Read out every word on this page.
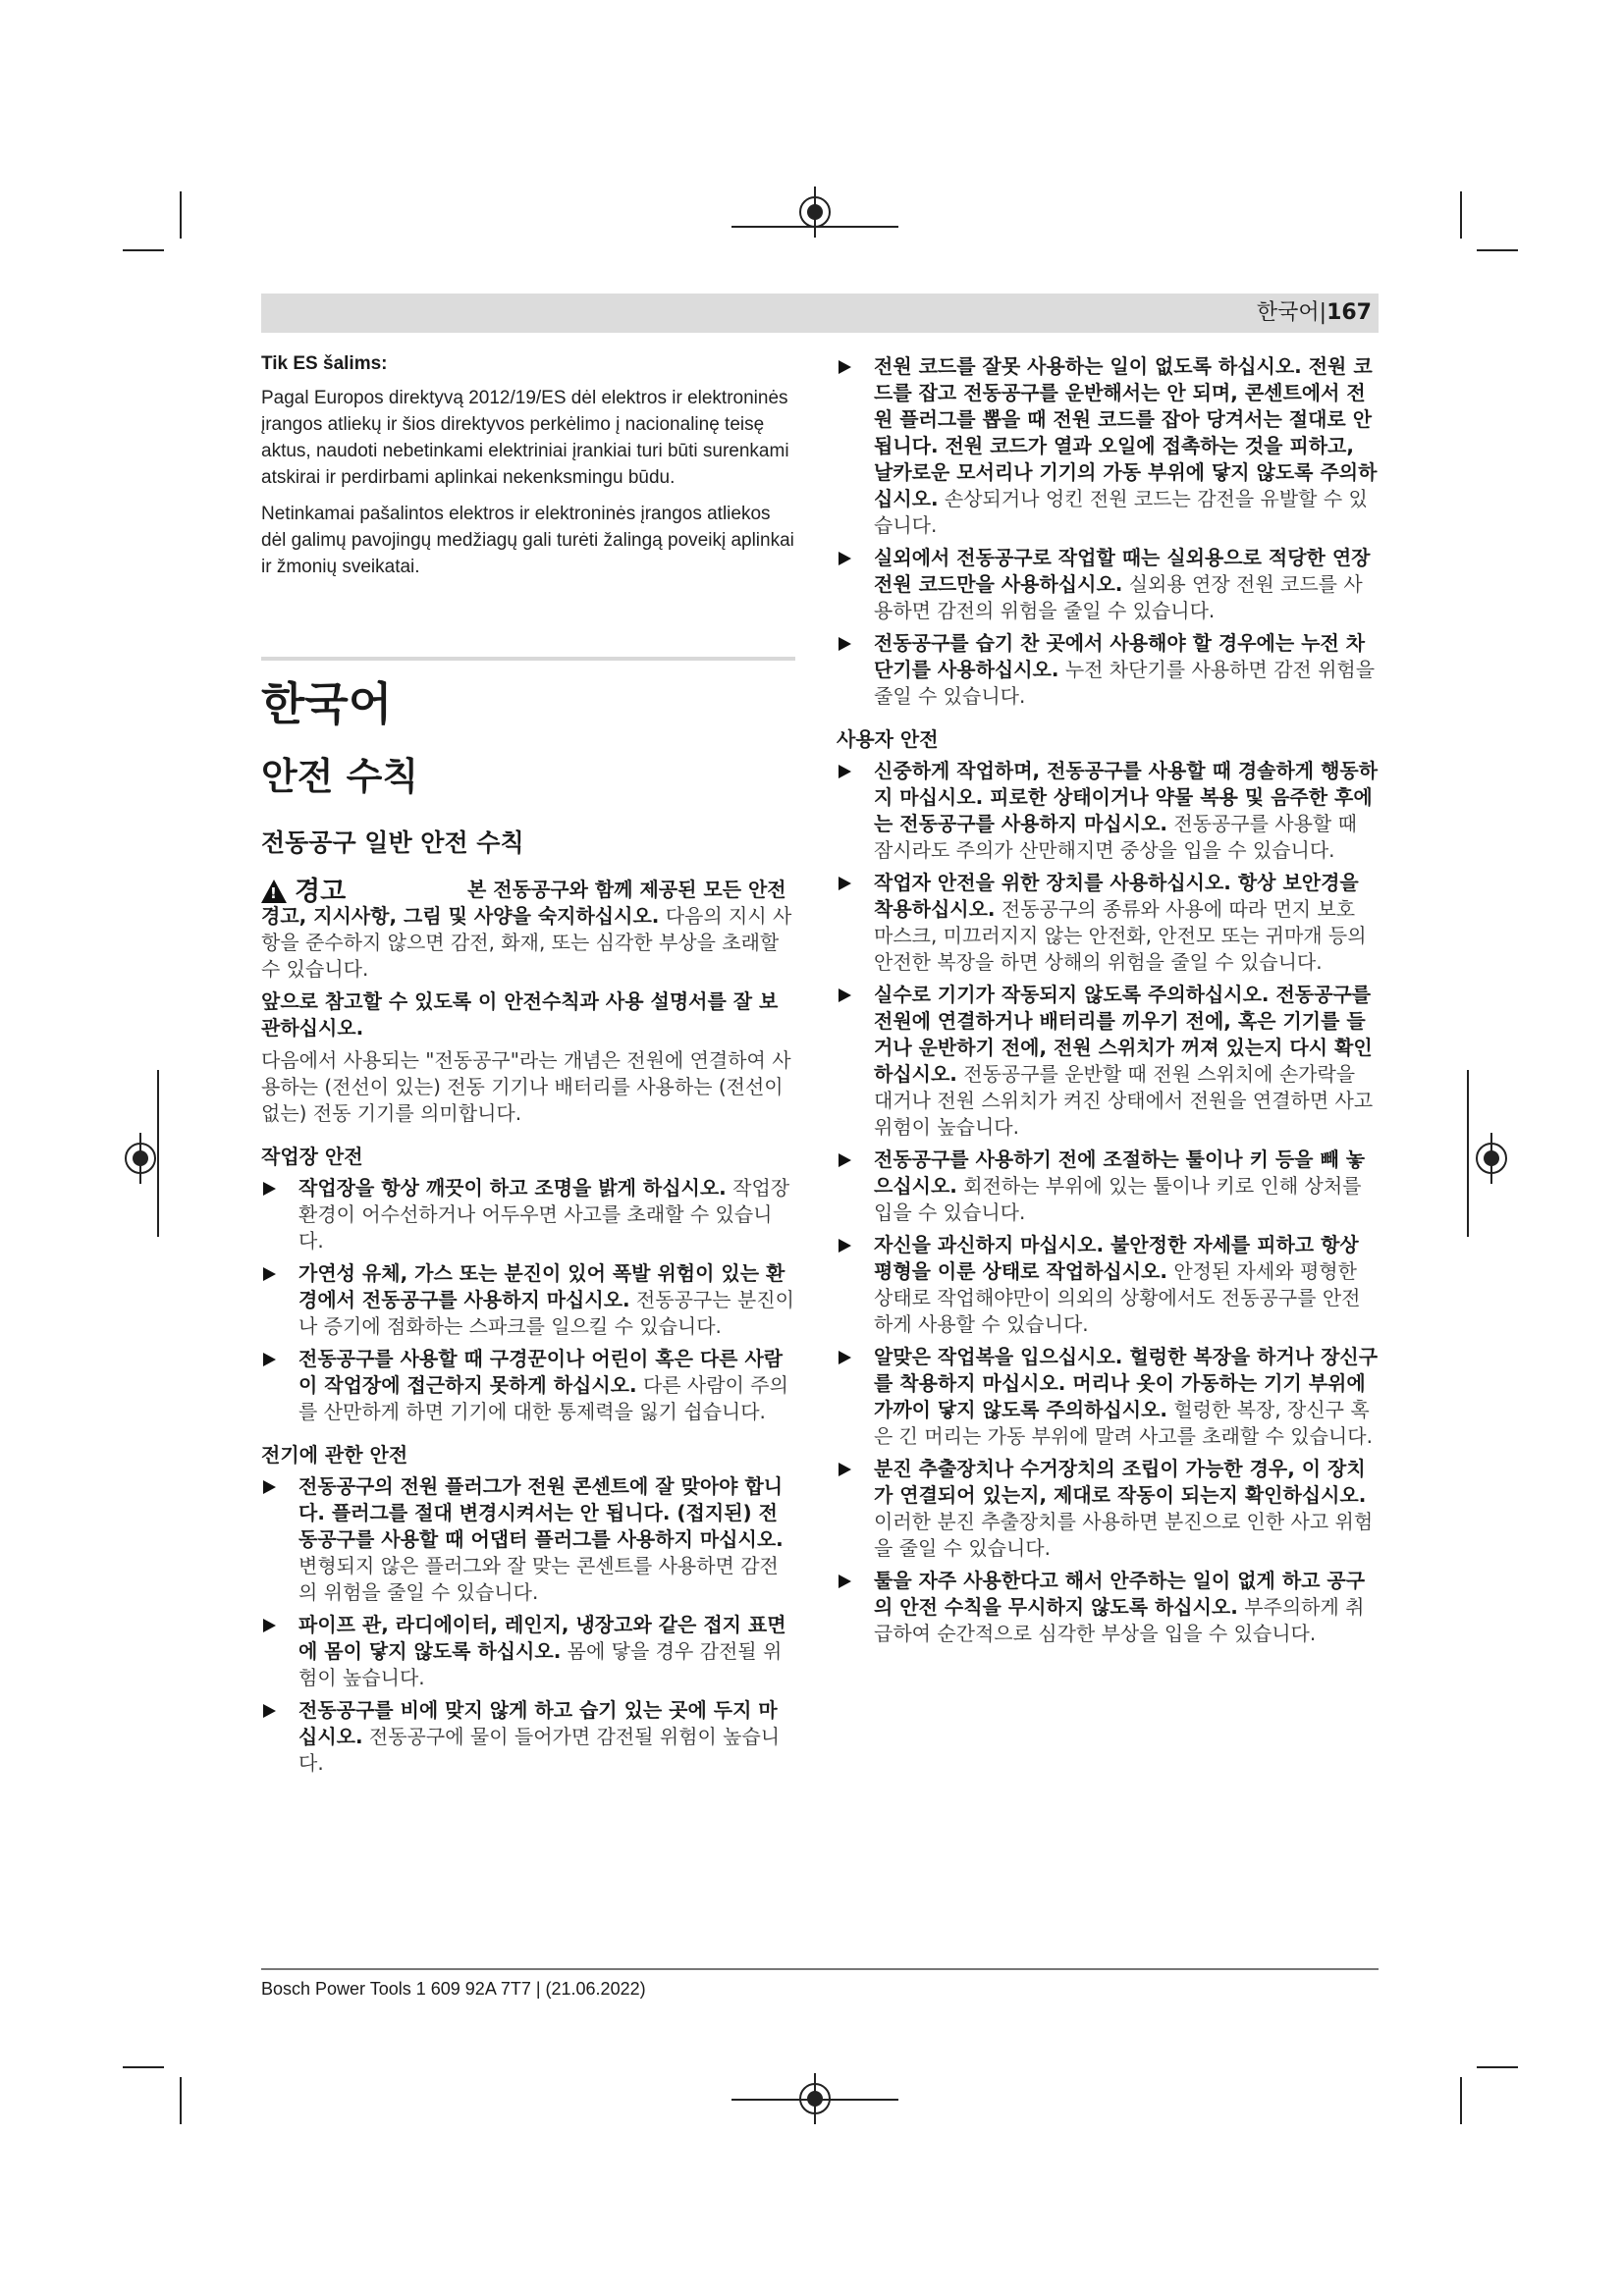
한국어|167
Tik ES šalims:

Pagal Europos direktyvą 2012/19/ES dėl elektros ir elektroninės įrangos atliekų ir šios direktyvos perkėlimo į nacionalinę teisę aktus, naudoti nebetinkami elektriniai įrankiai turi būti surenkami atskirai ir perdirbami aplinkai nekenksmingu būdu.

Netinkamai pašalintos elektros ir elektroninės įrangos atliekos dėl galimų pavojingų medžiagų gali turėti žalingą poveikį aplinkai ir žmonių sveikatai.

한국어
안전 수칙
전동공구 일반 안전 수칙
!
경고	본 전동공구와 함께 제공된 모든 안전경고, 지시사항, 그림 및 사양을 숙지하십시오. 다음의 지시 사항을 준수하지 않으면 감전, 화재, 또는 심각한 부상을 초래할 수 있습니다.

앞으로 참고할 수 있도록 이 안전수칙과 사용 설명서를 잘 보관하십시오.

다음에서 사용되는 "전동공구"라는 개념은 전원에 연결하여 사용하는 (전선이 있는) 전동 기기나 배터리를 사용하는 (전선이 없는) 전동 기기를 의미합니다.

작업장 안전
작업장을 항상 깨끗이 하고 조명을 밝게 하십시오. 작업장 환경이 어수선하거나 어두우면 사고를 초래할 수 있습니다.
가연성 유체, 가스 또는 분진이 있어 폭발 위험이 있는 환경에서 전동공구를 사용하지 마십시오. 전동공구는 분진이나 증기에 점화하는 스파크를 일으킬 수 있습니다.
전동공구를 사용할 때 구경꾼이나 어린이 혹은 다른 사람이 작업장에 접근하지 못하게 하십시오. 다른 사람이 주의를 산만하게 하면 기기에 대한 통제력을 잃기 쉽습니다.
전기에 관한 안전
전동공구의 전원 플러그가 전원 콘센트에 잘 맞아야 합니다. 플러그를 절대 변경시켜서는 안 됩니다. (접지된) 전동공구를 사용할 때 어댑터 플러그를 사용하지 마십시오. 변형되지 않은 플러그와 잘 맞는 콘센트를 사용하면 감전의 위험을 줄일 수 있습니다.
파이프 관, 라디에이터, 레인지, 냉장고와 같은 접지 표면에 몸이 닿지 않도록 하십시오. 몸에 닿을 경우 감전될 위험이 높습니다.
전동공구를 비에 맞지 않게 하고 습기 있는 곳에 두지 마십시오. 전동공구에 물이 들어가면 감전될 위험이 높습니다.
전원 코드를 잘못 사용하는 일이 없도록 하십시오. 전원 코드를 잡고 전동공구를 운반해서는 안 되며, 콘센트에서 전원 플러그를 뽑을 때 전원 코드를 잡아 당겨서는 절대로 안 됩니다. 전원 코드가 열과 오일에 접촉하는 것을 피하고, 날카로운 모서리나 기기의 가동 부위에 닿지 않도록 주의하십시오. 손상되거나 엉킨 전원 코드는 감전을 유발할 수 있습니다.
실외에서 전동공구로 작업할 때는 실외용으로 적당한 연장 전원 코드만을 사용하십시오. 실외용 연장 전원 코드를 사용하면 감전의 위험을 줄일 수 있습니다.
전동공구를 습기 찬 곳에서 사용해야 할 경우에는 누전 차단기를 사용하십시오. 누전 차단기를 사용하면 감전 위험을 줄일 수 있습니다.
사용자 안전
신중하게 작업하며, 전동공구를 사용할 때 경솔하게 행동하지 마십시오. 피로한 상태이거나 약물 복용 및 음주한 후에는 전동공구를 사용하지 마십시오. 전동공구를 사용할 때 잠시라도 주의가 산만해지면 중상을 입을 수 있습니다.
작업자 안전을 위한 장치를 사용하십시오. 항상 보안경을 착용하십시오. 전동공구의 종류와 사용에 따라 먼지 보호 마스크, 미끄러지지 않는 안전화, 안전모 또는 귀마개 등의 안전한 복장을 하면 상해의 위험을 줄일 수 있습니다.
실수로 기기가 작동되지 않도록 주의하십시오. 전동공구를 전원에 연결하거나 배터리를 끼우기 전에, 혹은 기기를 들거나 운반하기 전에, 전원 스위치가 꺼져 있는지 다시 확인하십시오. 전동공구를 운반할 때 전원 스위치에 손가락을 대거나 전원 스위치가 켜진 상태에서 전원을 연결하면 사고 위험이 높습니다.
전동공구를 사용하기 전에 조절하는 툴이나 키 등을 빼 놓으십시오. 회전하는 부위에 있는 툴이나 키로 인해 상처를 입을 수 있습니다.
자신을 과신하지 마십시오. 불안정한 자세를 피하고 항상 평형을 이룬 상태로 작업하십시오. 안정된 자세와 평형한 상태로 작업해야만이 의외의 상황에서도 전동공구를 안전하게 사용할 수 있습니다.
알맞은 작업복을 입으십시오. 헐렁한 복장을 하거나 장신구를 착용하지 마십시오. 머리나 옷이 가동하는 기기 부위에 가까이 닿지 않도록 주의하십시오. 헐렁한 복장, 장신구 혹은 긴 머리는 가동 부위에 말려 사고를 초래할 수 있습니다.
분진 추출장치나 수거장치의 조립이 가능한 경우, 이 장치가 연결되어 있는지, 제대로 작동이 되는지 확인하십시오. 이러한 분진 추출장치를 사용하면 분진으로 인한 사고 위험을 줄일 수 있습니다.
툴을 자주 사용한다고 해서 안주하는 일이 없게 하고 공구의 안전 수칙을 무시하지 않도록 하십시오. 부주의하게 취급하여 순간적으로 심각한 부상을 입을 수 있습니다.
Bosch Power Tools 1 609 92A 7T7 | (21.06.2022)
